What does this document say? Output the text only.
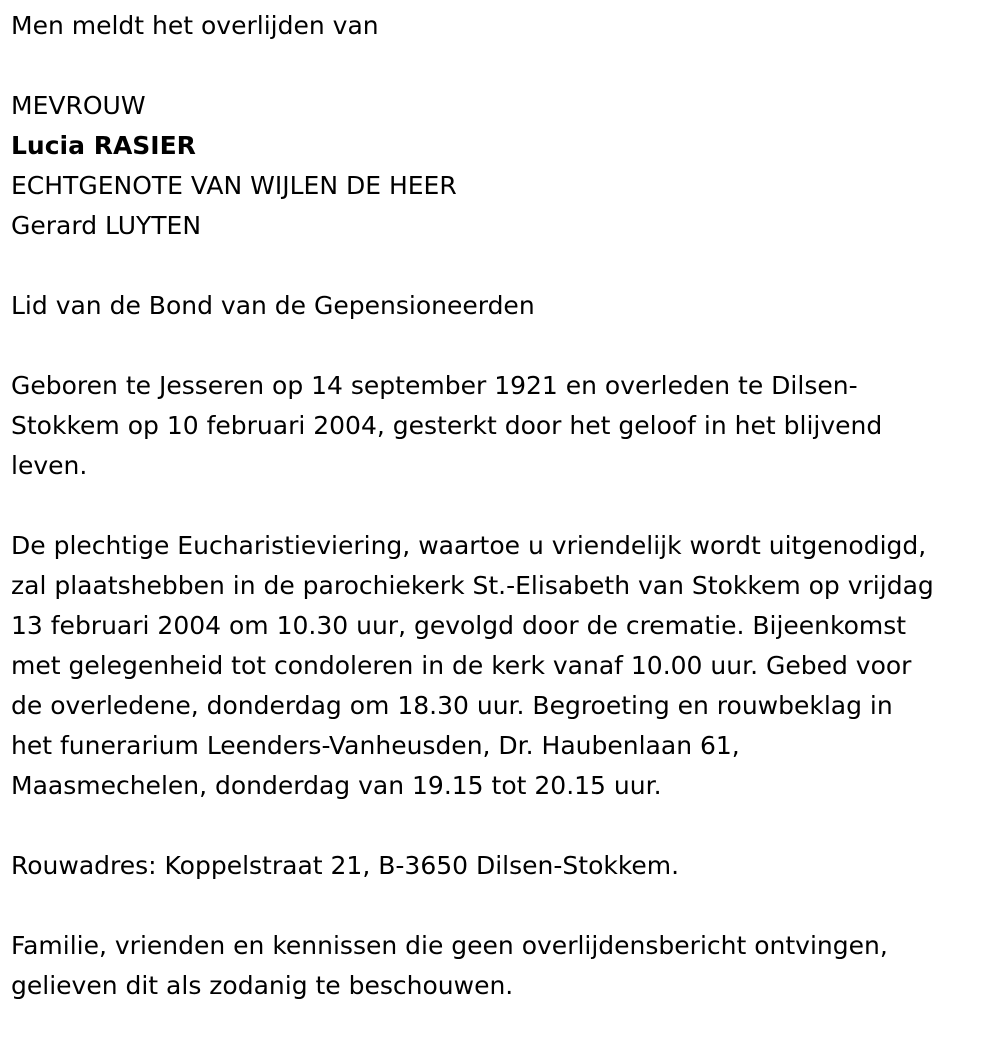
Men meldt het overlijden van
MEVROUW
Lucia RASIER
ECHTGENOTE VAN WIJLEN DE HEER
Gerard LUYTEN
Lid van de Bond van de Gepensioneerden
Geboren te Jesseren op 14 september 1921 en overleden te Dilsen-
Stokkem op 10 februari 2004, gesterkt door het geloof in het blijvend
leven.
De plechtige Eucharistieviering, waartoe u vriendelijk wordt uitgenodigd,
zal plaatshebben in de parochiekerk St.-Elisabeth van Stokkem op vrijdag
13 februari 2004 om 10.30 uur, gevolgd door de crematie. Bijeenkomst
met gelegenheid tot condoleren in de kerk vanaf 10.00 uur. Gebed voor
de overledene, donderdag om 18.30 uur. Begroeting en rouwbeklag in
het funerarium Leenders-Vanheusden, Dr. Haubenlaan 61,
Maasmechelen, donderdag van 19.15 tot 20.15 uur.
Rouwadres: Koppelstraat 21, B-3650 Dilsen-Stokkem.
Familie, vrienden en kennissen die geen overlijdensbericht ontvingen,
gelieven dit als zodanig te beschouwen.
